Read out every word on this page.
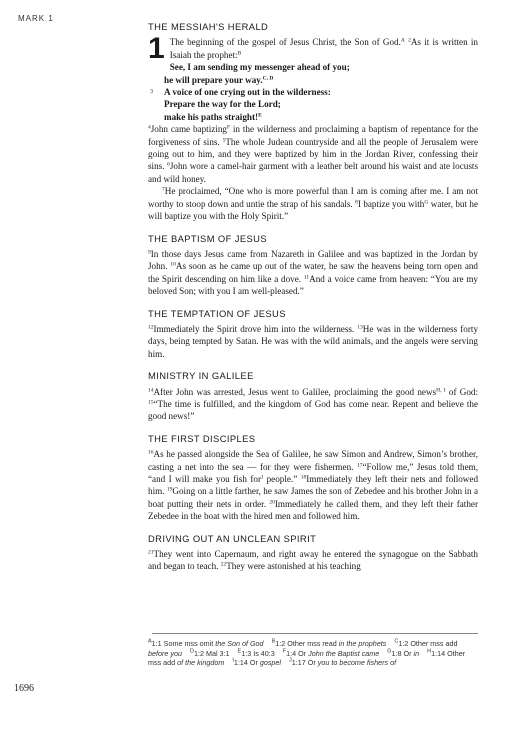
MARK 1
THE MESSIAH'S HERALD
1 The beginning of the gospel of Jesus Christ, the Son of God.$^A$ $^2$As it is written in Isaiah the prophet:$^B$

See, I am sending my messenger ahead of you;
he will prepare your way.$^{C, D}$
3 A voice of one crying out in the wilderness:
Prepare the way for the Lord;
make his paths straight!$^E$

$^4$John came baptizing$^F$ in the wilderness and proclaiming a baptism of repentance for the forgiveness of sins. $^5$The whole Judean countryside and all the people of Jerusalem were going out to him, and they were baptized by him in the Jordan River, confessing their sins. $^6$John wore a camel-hair garment with a leather belt around his waist and ate locusts and wild honey.

$^7$He proclaimed, “One who is more powerful than I am is coming after me. I am not worthy to stoop down and untie the strap of his sandals. $^8$I baptize you with$^G$ water, but he will baptize you with the Holy Spirit.”

THE BAPTISM OF JESUS

$^9$In those days Jesus came from Nazareth in Galilee and was baptized in the Jordan by John. $^{10}$As soon as he came up out of the water, he saw the heavens being torn open and the Spirit descending on him like a dove. $^{11}$And a voice came from heaven: “You are my beloved Son; with you I am well-pleased.”

THE TEMPTATION OF JESUS

$^{12}$Immediately the Spirit drove him into the wilderness. $^{13}$He was in the wilderness forty days, being tempted by Satan. He was with the wild animals, and the angels were serving him.

MINISTRY IN GALILEE

$^{14}$After John was arrested, Jesus went to Galilee, proclaiming the good news$^{H, I}$ of God: $^{15}$“The time is fulfilled, and the kingdom of God has come near. Repent and believe the good news!”

THE FIRST DISCIPLES

$^{16}$As he passed alongside the Sea of Galilee, he saw Simon and Andrew, Simon’s brother, casting a net into the sea — for they were fishermen. $^{17}$“Follow me,” Jesus told them, “and I will make you fish for$^J$ people.” $^{18}$Immediately they left their nets and followed him. $^{19}$Going on a little farther, he saw James the son of Zebedee and his brother John in a boat putting their nets in order. $^{20}$Immediately he called them, and they left their father Zebedee in the boat with the hired men and followed him.

DRIVING OUT AN UNCLEAN SPIRIT

$^{21}$They went into Capernaum, and right away he entered the synagogue on the Sabbath and began to teach. $^{22}$They were astonished at his teaching

$^A$1:1 Some mss omit the Son of God $^B$1:2 Other mss read in the prophets $^C$1:2 Other mss add before you $^D$1:2 Mal 3:1 $^E$1:3 Is 40:3 $^F$1:4 Or John the Baptist came $^G$1:8 Or in $^H$1:14 Other mss add of the kingdom $^I$1:14 Or gospel $^J$1:17 Or you to become fishers of
1696
